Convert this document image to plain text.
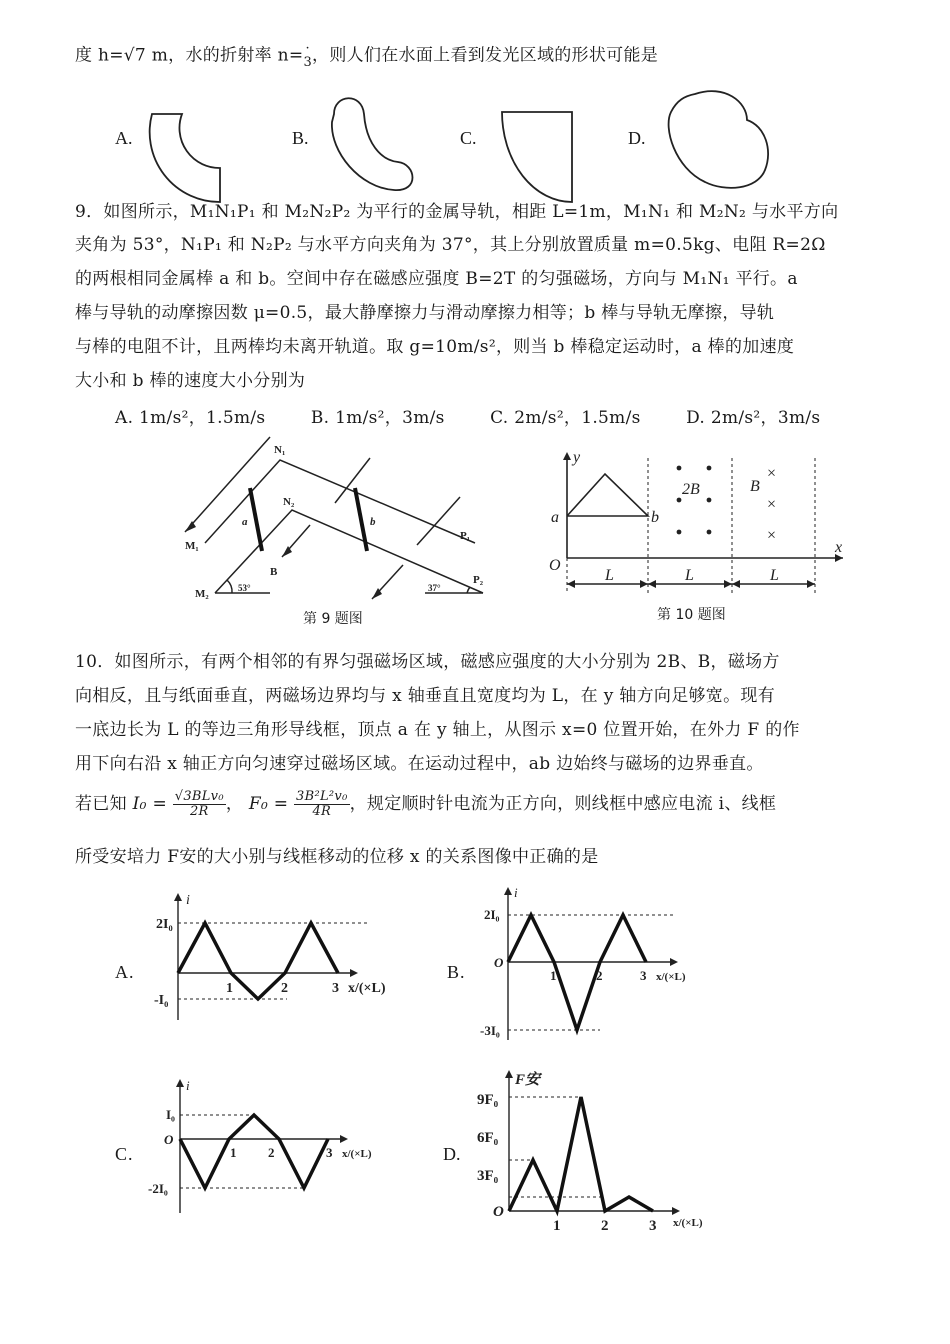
度 h=√7 m，水的折射率 n= ·
3 ，则人们在水面上看到发光区域的形状可能是
A.	B.	C.	D.
9．如图所示，M₁N₁P₁ 和 M₂N₂P₂ 为平行的金属导轨，相距 L=1m，M₁N₁ 和 M₂N₂ 与水平方向
夹角为 53°，N₁P₁ 和 N₂P₂ 与水平方向夹角为 37°，其上分别放置质量 m=0.5kg、电阻 R=2Ω
的两根相同金属棒 a 和 b。空间中存在磁感应强度 B=2T 的匀强磁场，方向与 M₁N₁ 平行。a
棒与导轨的动摩擦因数 μ=0.5，最大静摩擦力与滑动摩擦力相等；b 棒与导轨无摩擦，导轨
与棒的电阻不计，且两棒均未离开轨道。取 g=10m/s²，则当 b 棒稳定运动时，a 棒的加速度
大小和 b 棒的速度大小分别为
A. 1m/s²，1.5m/s	B. 1m/s²，3m/s	C. 2m/s²，1.5m/s	D. 2m/s²，3m/s
N₁
N₂
M₁
M₂
P₁
P₂
a	b
B
53°	37°
第 9 题图
y
x
O
a	b
2B	B
L	L	L
×
×
×
第 10 题图
10．如图所示，有两个相邻的有界匀强磁场区域，磁感应强度的大小分别为 2B、B，磁场方
向相反，且与纸面垂直，两磁场边界均与 x 轴垂直且宽度均为 L，在 y 轴方向足够宽。现有
一底边长为 L 的等边三角形导线框，顶点 a 在 y 轴上，从图示 x=0 位置开始，在外力 F 的作
用下向右沿 x 轴正方向匀速穿过磁场区域。在运动过程中，ab 边始终与磁场的边界垂直。
若已知 $I_0 = \frac{\text{√3BLv₀}}{2R}$ ， $F_0 = \frac{\text{3B²L²v₀}}{4R}$ ，规定顺时针电流为正方向，则线框中感应电流 i、线框
所受安培力 F安的大小别与线框移动的位移 x 的关系图像中正确的是
A .
i
2I₀
-I₀
1	2	3 x/(×L)
B .
i
2I₀
O
-3I₀
1	2	3 x/(×L)
C .
i
I₀
O
-2I₀
1 2	3 x/(×L)	D .
F安
9F₀
6F₀
3F₀
O
1	2	3 x/(×L)
